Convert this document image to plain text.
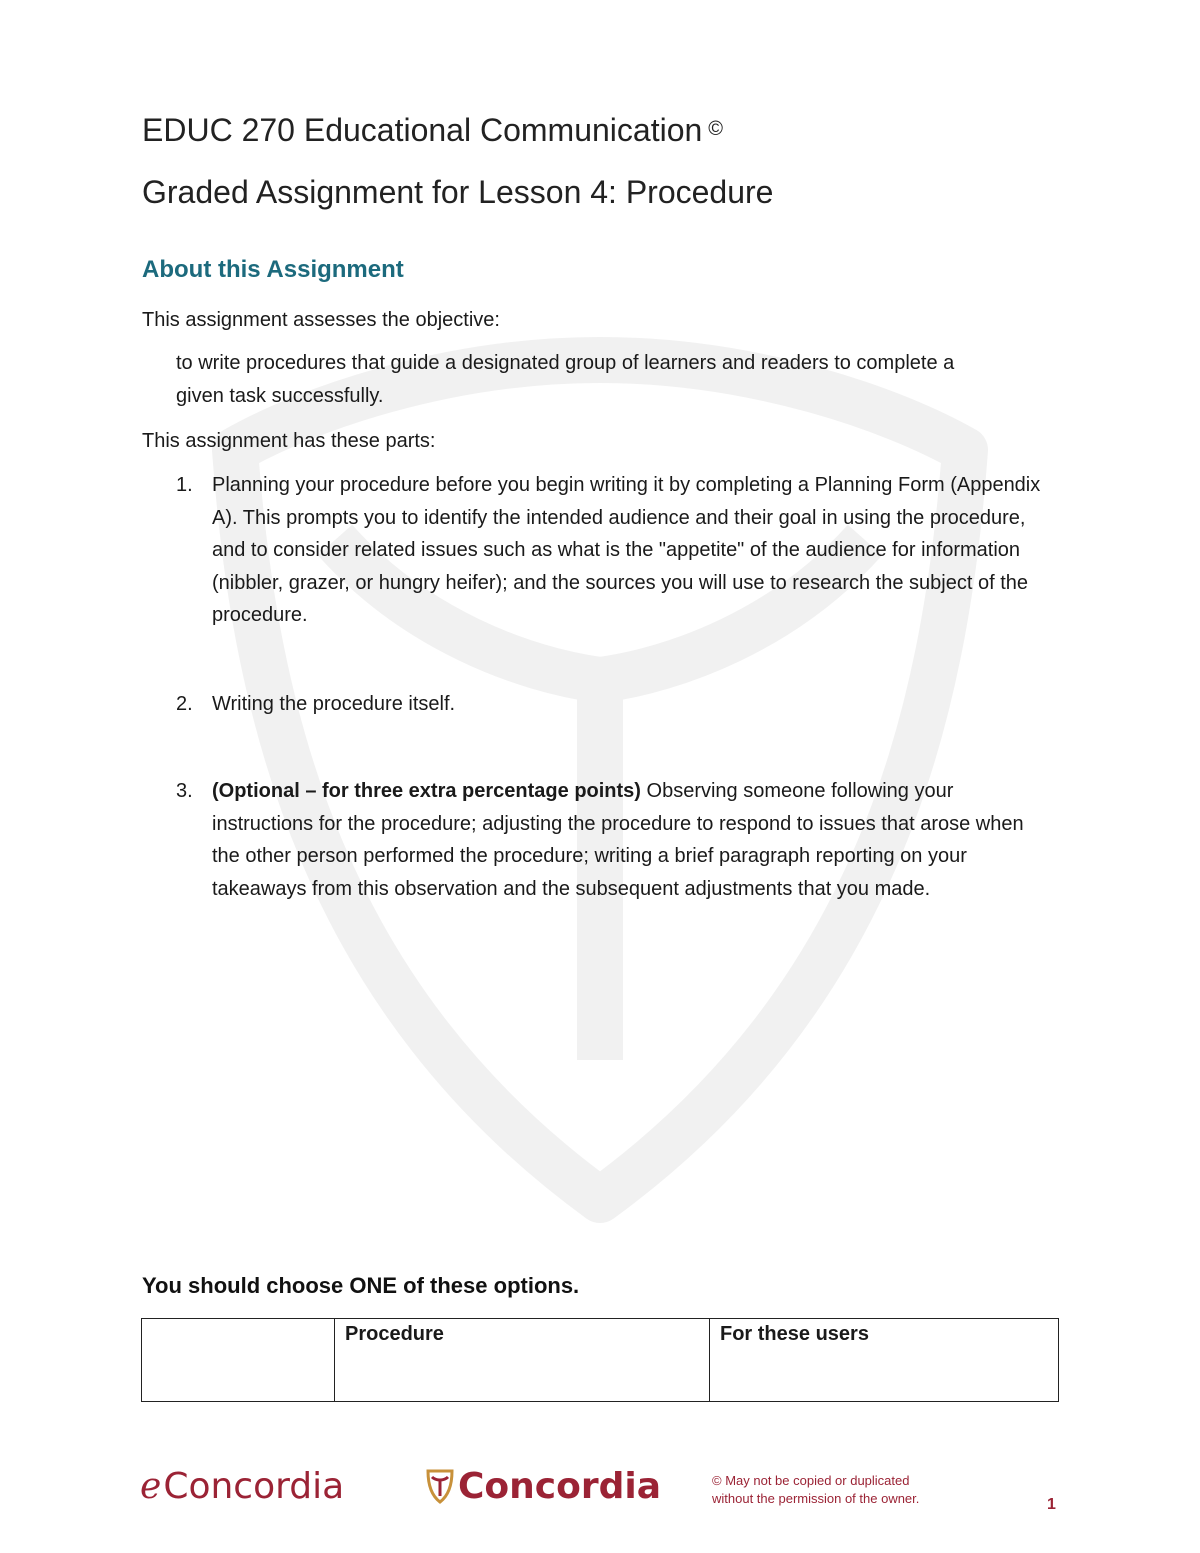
EDUC 270 Educational Communication ©
Graded Assignment for Lesson 4: Procedure
About this Assignment
This assignment assesses the objective:
to write procedures that guide a designated group of learners and readers to complete a given task successfully.
This assignment has these parts:
1. Planning your procedure before you begin writing it by completing a Planning Form (Appendix A). This prompts you to identify the intended audience and their goal in using the procedure, and to consider related issues such as what is the "appetite" of the audience for information (nibbler, grazer, or hungry heifer); and the sources you will use to research the subject of the procedure.
2. Writing the procedure itself.
3. (Optional – for three extra percentage points) Observing someone following your instructions for the procedure; adjusting the procedure to respond to issues that arose when the other person performed the procedure; writing a brief paragraph reporting on your takeaways from this observation and the subsequent adjustments that you made.
You should choose ONE of these options.
	Procedure	For these users
eConcordia	Concordia	© May not be copied or duplicated
without the permission of the owner.	1
